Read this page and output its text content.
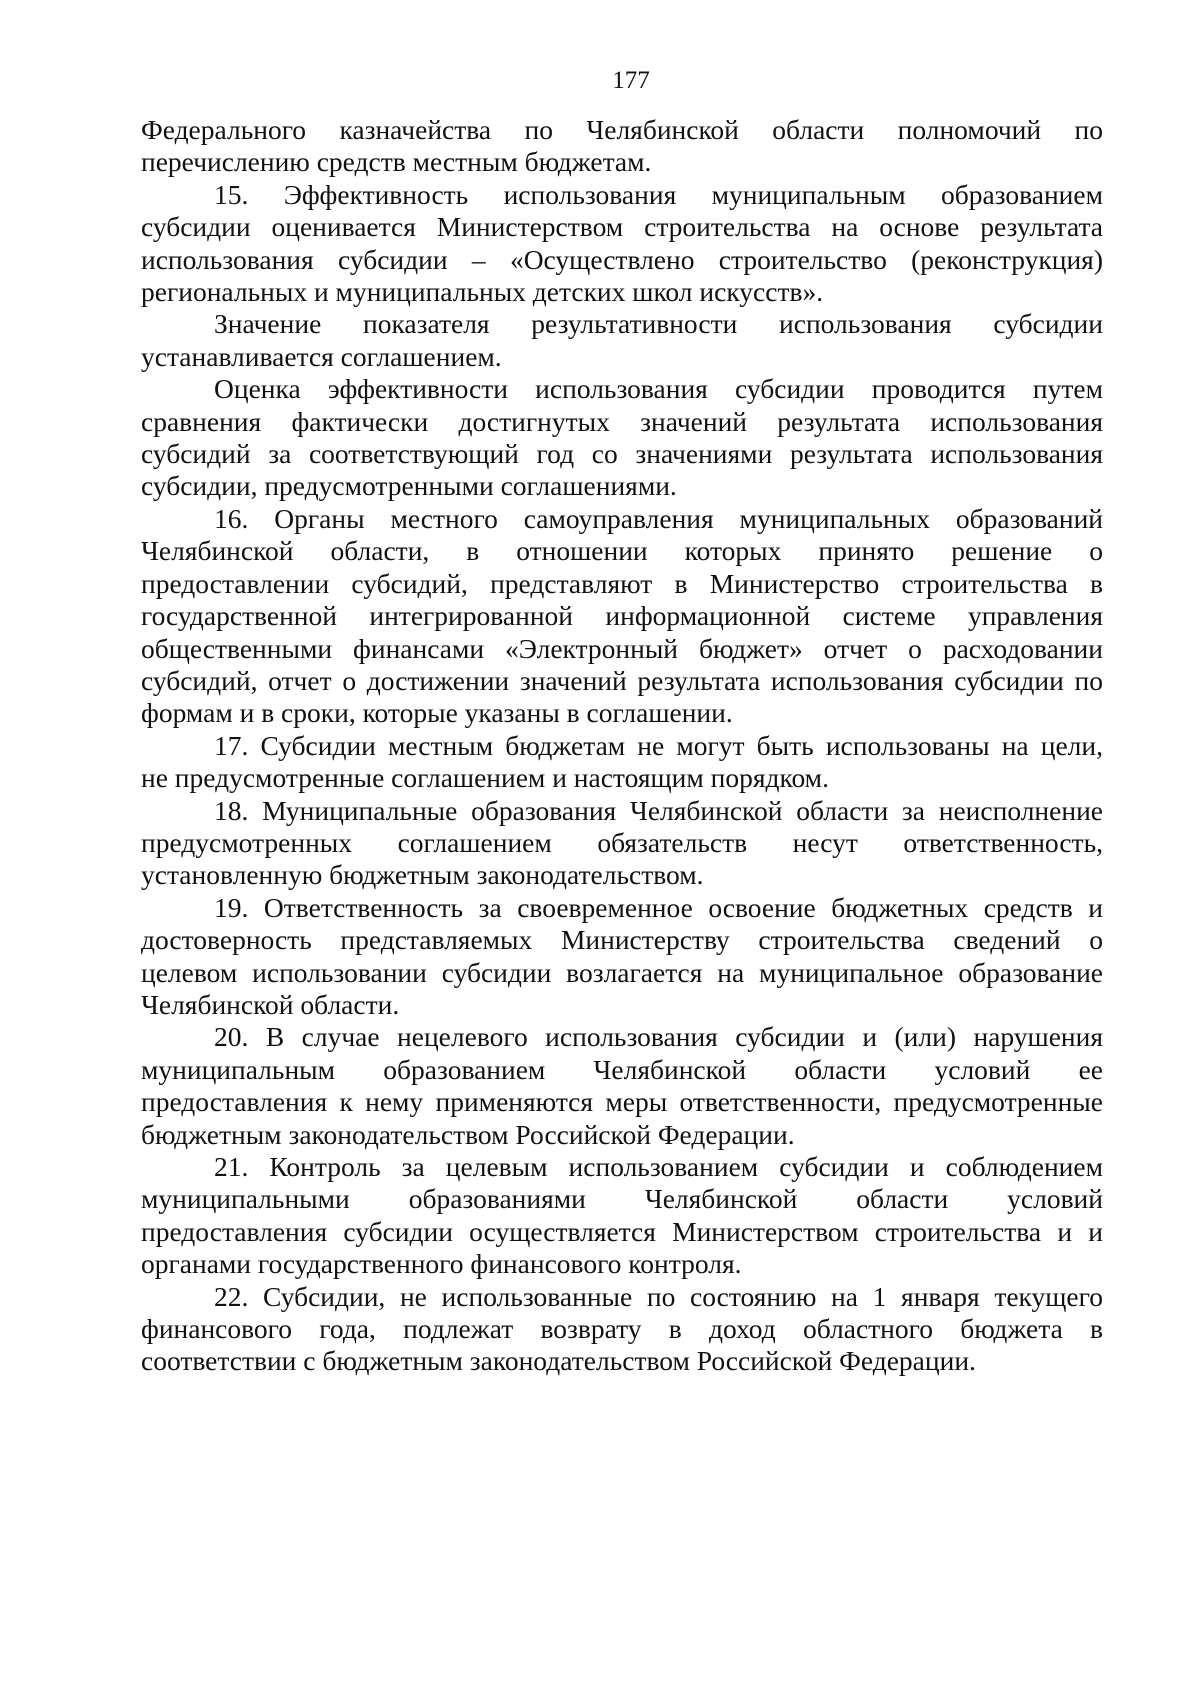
177
Федерального казначейства по Челябинской области полномочий по
перечислению средств местным бюджетам.
15. Эффективность использования муниципальным образованием
субсидии оценивается Министерством строительства на основе результата
использования субсидии – «Осуществлено строительство (реконструкция)
региональных и муниципальных детских школ искусств».
Значение показателя результативности использования субсидии
устанавливается соглашением.
Оценка эффективности использования субсидии проводится путем
сравнения фактически достигнутых значений результата использования
субсидий за соответствующий год со значениями результата использования
субсидии, предусмотренными соглашениями.
16. Органы местного самоуправления муниципальных образований
Челябинской области, в отношении которых принято решение о
предоставлении субсидий, представляют в Министерство строительства в
государственной интегрированной информационной системе управления
общественными финансами «Электронный бюджет» отчет о расходовании
субсидий, отчет о достижении значений результата использования субсидии по
формам и в сроки, которые указаны в соглашении.
17. Субсидии местным бюджетам не могут быть использованы на цели,
не предусмотренные соглашением и настоящим порядком.
18. Муниципальные образования Челябинской области за неисполнение
предусмотренных соглашением обязательств несут ответственность,
установленную бюджетным законодательством.
19. Ответственность за своевременное освоение бюджетных средств и
достоверность представляемых Министерству строительства сведений о
целевом использовании субсидии возлагается на муниципальное образование
Челябинской области.
20. В случае нецелевого использования субсидии и (или) нарушения
муниципальным образованием Челябинской области условий ее
предоставления к нему применяются меры ответственности, предусмотренные
бюджетным законодательством Российской Федерации.
21. Контроль за целевым использованием субсидии и соблюдением
муниципальными образованиями Челябинской области условий
предоставления субсидии осуществляется Министерством строительства и и
органами государственного финансового контроля.
22. Субсидии, не использованные по состоянию на 1 января текущего
финансового года, подлежат возврату в доход областного бюджета в
соответствии с бюджетным законодательством Российской Федерации.
